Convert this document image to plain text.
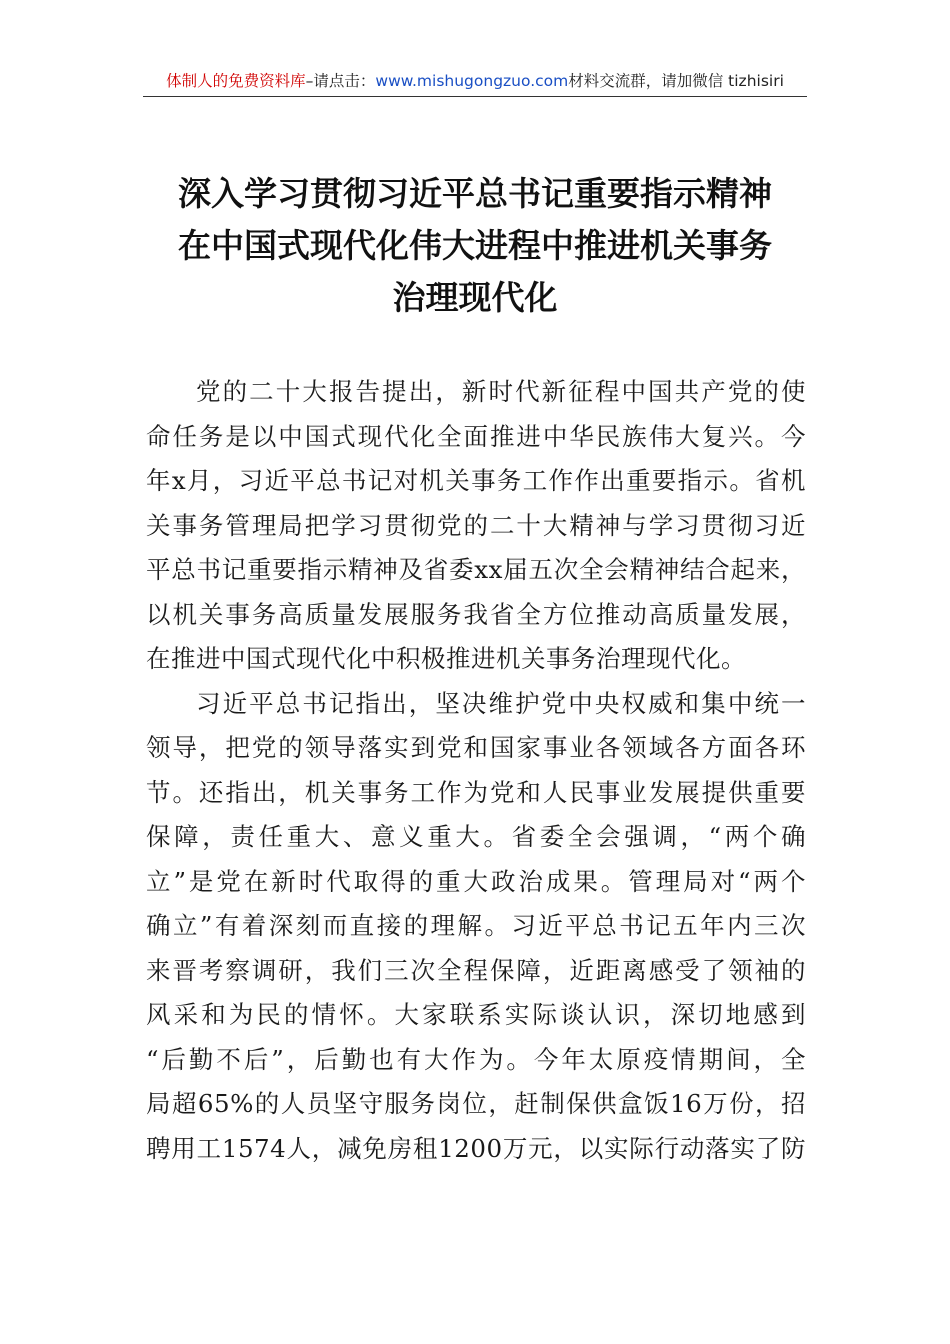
体制人的免费资料库–请点击：www.mishugongzuo.com材料交流群，请加微信 tizhisiri
深入学习贯彻习近平总书记重要指示精神
在中国式现代化伟大进程中推进机关事务
治理现代化
党的二十大报告提出，新时代新征程中国共产党的使
命任务是以中国式现代化全面推进中华民族伟大复兴。今
年x月，习近平总书记对机关事务工作作出重要指示。省机
关事务管理局把学习贯彻党的二十大精神与学习贯彻习近
平总书记重要指示精神及省委xx届五次全会精神结合起来，
以机关事务高质量发展服务我省全方位推动高质量发展，
在推进中国式现代化中积极推进机关事务治理现代化。
习近平总书记指出，坚决维护党中央权威和集中统一
领导，把党的领导落实到党和国家事业各领域各方面各环
节。还指出，机关事务工作为党和人民事业发展提供重要
保障，责任重大、意义重大。省委全会强调，“两个确
立”是党在新时代取得的重大政治成果。管理局对“两个
确立”有着深刻而直接的理解。习近平总书记五年内三次
来晋考察调研，我们三次全程保障，近距离感受了领袖的
风采和为民的情怀。大家联系实际谈认识，深切地感到
“后勤不后”，后勤也有大作为。今年太原疫情期间，全
局超65%的人员坚守服务岗位，赶制保供盒饭16万份，招
聘用工1574人，减免房租1200万元，以实际行动落实了防
